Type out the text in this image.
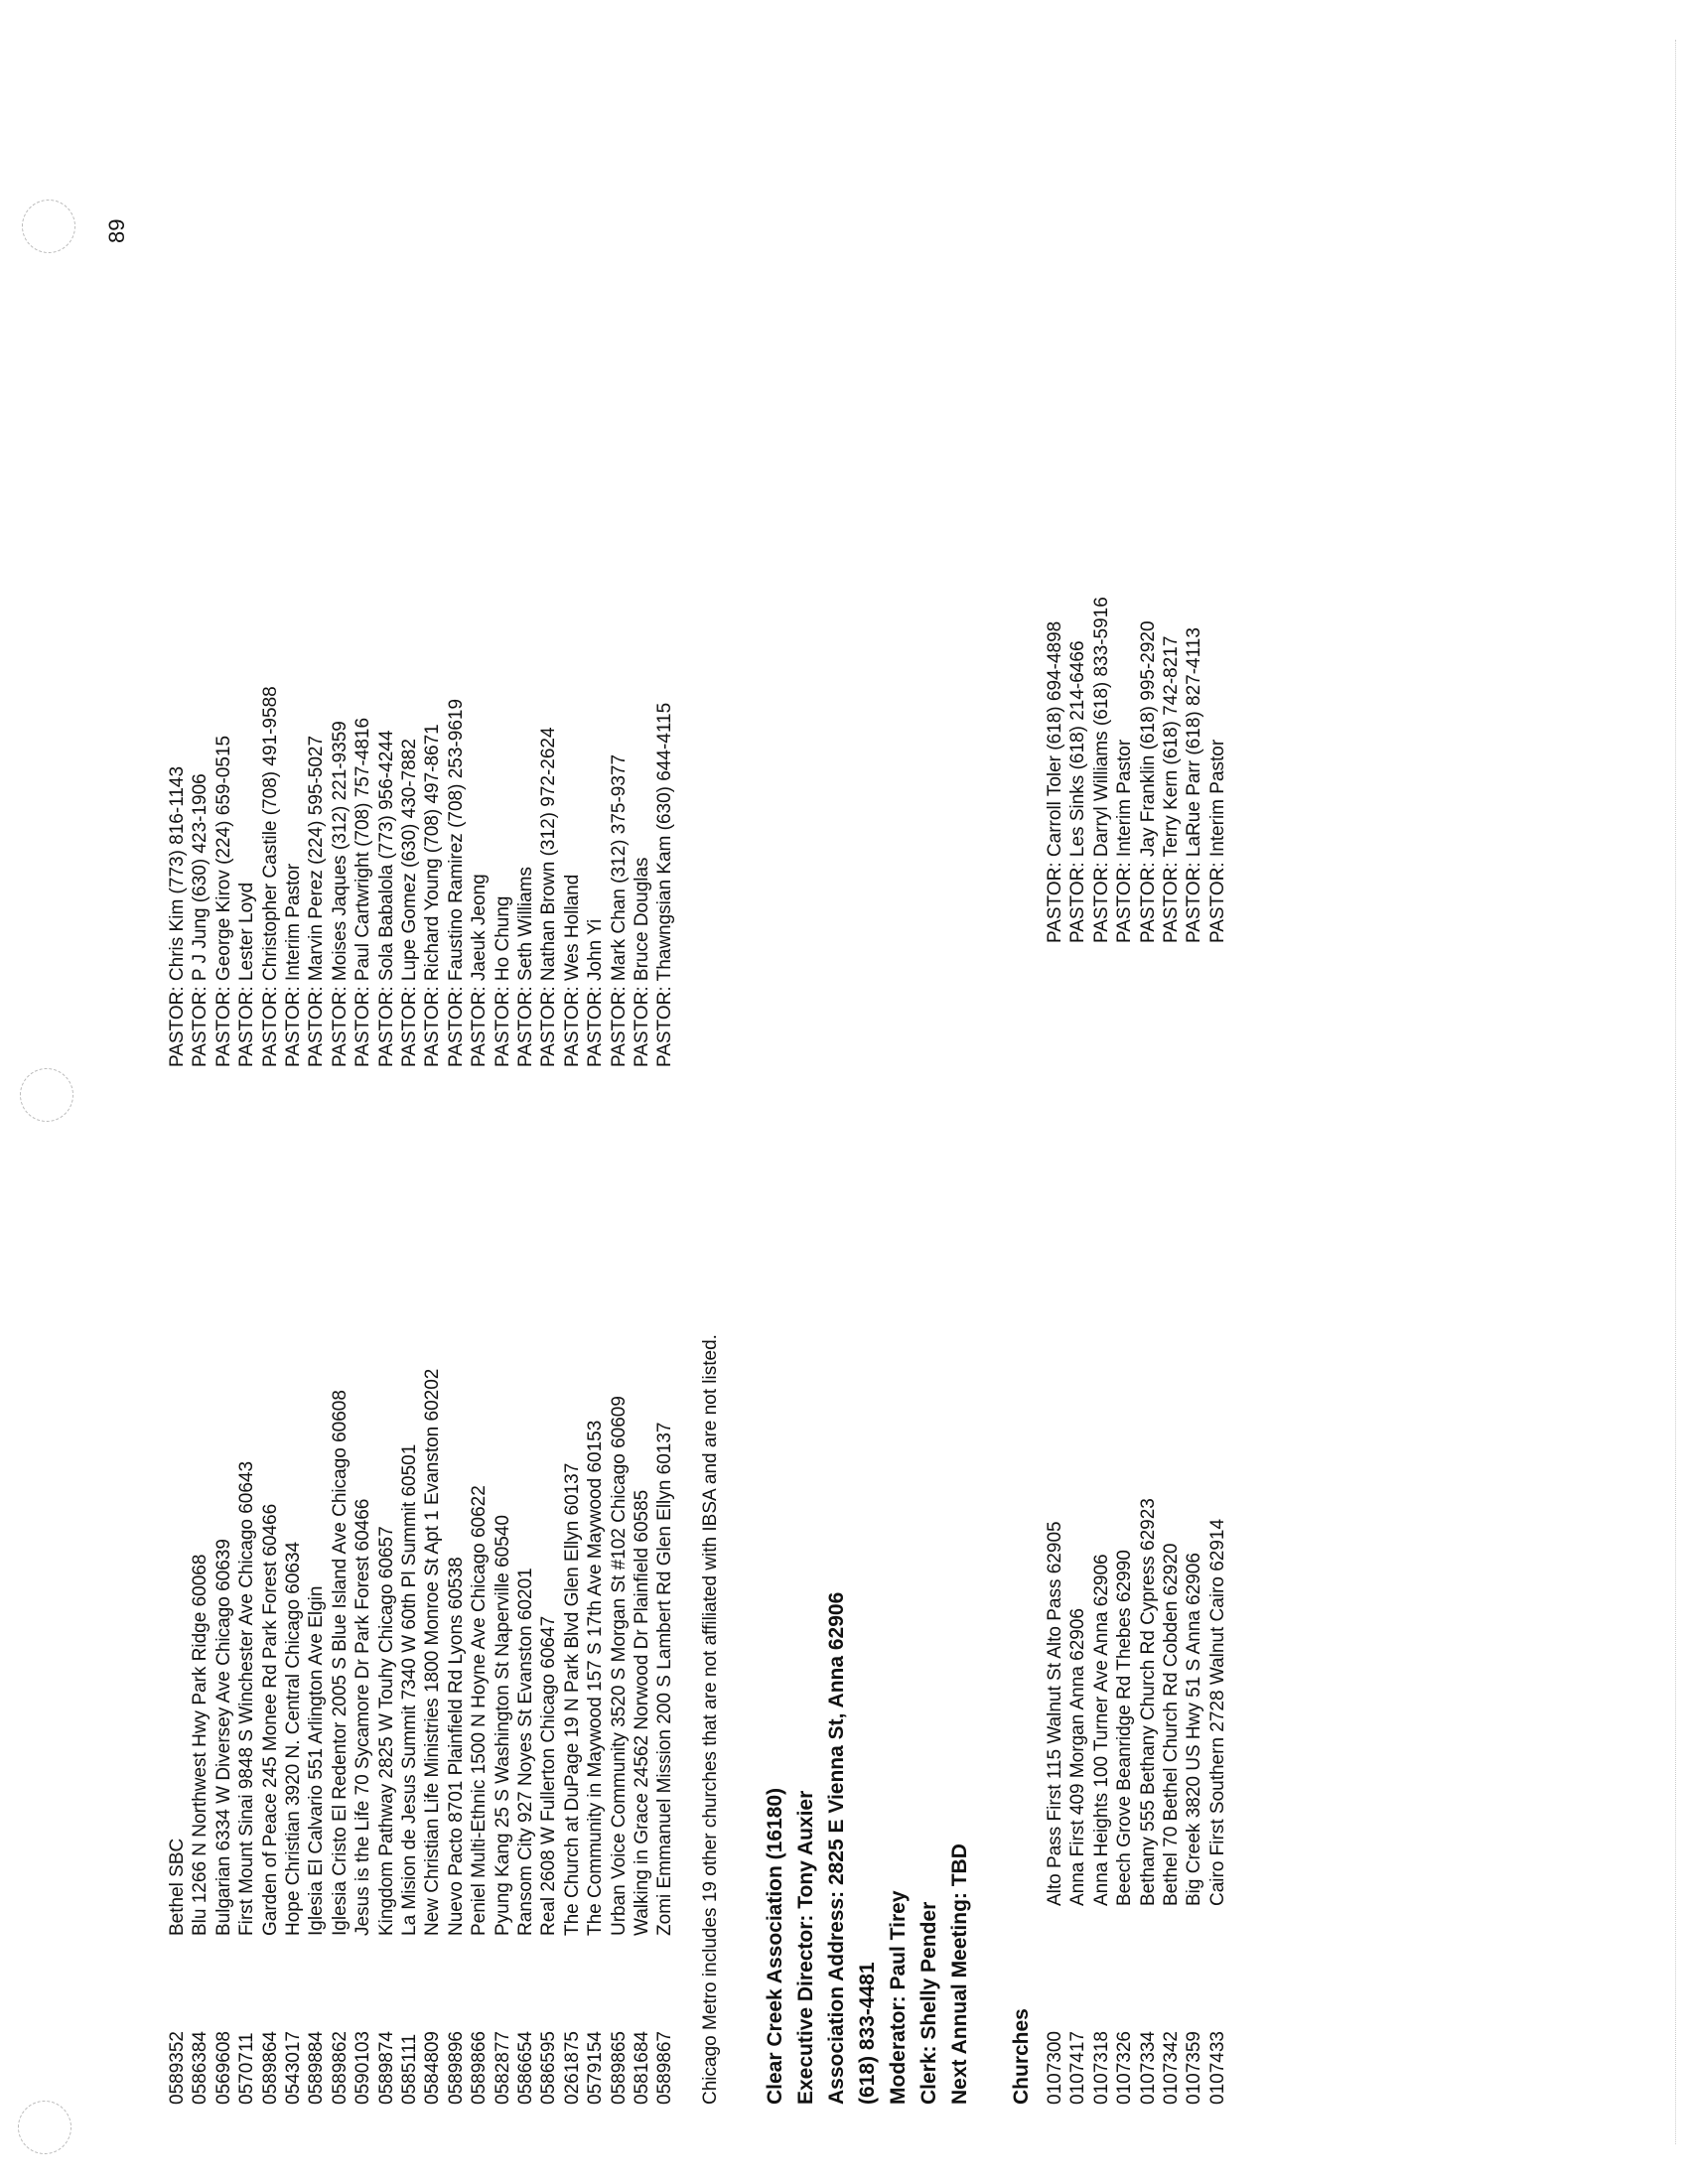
0589352
Bethel SBC
PASTOR: Chris Kim (773) 816-1143
0586384
Blu 1266 N Northwest Hwy Park Ridge 60068
PASTOR: P J Jung (630) 423-1906
0569608
Bulgarian 6334 W Diversey Ave Chicago 60639
PASTOR: George Kirov (224) 659-0515
0570711
First Mount Sinai 9848 S Winchester Ave Chicago 60643
PASTOR: Lester Loyd
0589864
Garden of Peace 245 Monee Rd Park Forest 60466
PASTOR: Christopher Castile (708) 491-9588
0543017
Hope Christian 3920 N. Central Chicago 60634
PASTOR: Interim Pastor
0589884
Iglesia El Calvario 551 Arlington Ave Elgin
PASTOR: Marvin Perez (224) 595-5027
0589862
Iglesia Cristo El Redentor 2005 S Blue Island Ave Chicago 60608
PASTOR: Moises Jaques (312) 221-9359
0590103
Jesus is the Life 70 Sycamore Dr Park Forest 60466
PASTOR: Paul Cartwright (708) 757-4816
0589874
Kingdom Pathway 2825 W Touhy Chicago 60657
PASTOR: Sola Babalola (773) 956-4244
0585111
La Mision de Jesus Summit 7340 W 60th Pl Summit 60501
PASTOR: Lupe Gomez (630) 430-7882
0584809
New Christian Life Ministries 1800 Monroe St Apt 1 Evanston 60202
PASTOR: Richard Young (708) 497-8671
0589896
Nuevo Pacto 8701 Plainfield Rd Lyons 60538
PASTOR: Faustino Ramirez (708) 253-9619
0589866
Peniel Multi-Ethnic 1500 N Hoyne Ave Chicago 60622
PASTOR: Jaeuk Jeong
0582877
Pyung Kang 25 S Washington St Naperville 60540
PASTOR: Ho Chung
0586654
Ransom City 927 Noyes St Evanston 60201
PASTOR: Seth Williams
0586595
Real 2608 W Fullerton Chicago 60647
PASTOR: Nathan Brown (312) 972-2624
0261875
The Church at DuPage 19 N Park Blvd Glen Ellyn 60137
PASTOR: Wes Holland
0579154
The Community in Maywood 157 S 17th Ave Maywood 60153
PASTOR: John Yi
0589865
Urban Voice Community 3520 S Morgan St #102 Chicago 60609
PASTOR: Mark Chan (312) 375-9377
0581684
Walking in Grace 24562 Norwood Dr Plainfield 60585
PASTOR: Bruce Douglas
0589867
Zomi Emmanuel Mission 200 S Lambert Rd Glen Ellyn 60137
PASTOR: Thawngsian Kam (630) 644-4115
Chicago Metro includes 19 other churches that are not affiliated with IBSA and are not listed. Clear Creek Association (16180) Executive Director: Tony Auxier Association Address: 2825 E Vienna St, Anna 62906 (618) 833-4481 Moderator: Paul Tirey Clerk: Shelly Pender Next Annual Meeting: TBD Churches 0107300
Alto Pass First 115 Walnut St Alto Pass 62905
PASTOR: Carroll Toler (618) 694-4898
0107417
Anna First 409 Morgan Anna 62906
PASTOR: Les Sinks (618) 214-6466
0107318
Anna Heights 100 Turner Ave Anna 62906
PASTOR: Darryl Williams (618) 833-5916
0107326
Beech Grove Beanridge Rd Thebes 62990
PASTOR: Interim Pastor
0107334
Bethany 555 Bethany Church Rd Cypress 62923
PASTOR: Jay Franklin (618) 995-2920
0107342
Bethel 70 Bethel Church Rd Cobden 62920
PASTOR: Terry Kern (618) 742-8217
0107359
Big Creek 3820 US Hwy 51 S Anna 62906
PASTOR: LaRue Parr (618) 827-4113
0107433
Cairo First Southern 2728 Walnut Cairo 62914
PASTOR: Interim Pastor
89
